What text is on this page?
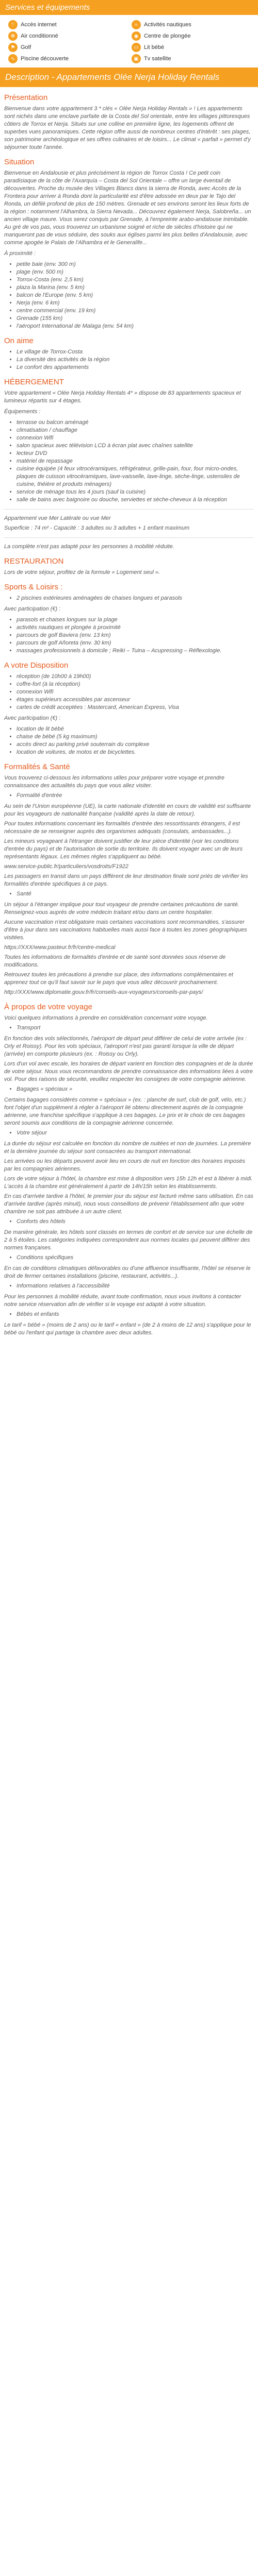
Services et équipements
⌔ Accès internet	≈	Activités nautiques
✻ Air conditionné	◉ Centre de plongée
⚑ Golf	▭ Lit bébé
∿ Piscine découverte	▣ Tv satellite
Description - Appartements Olée Nerja Holiday Rentals
Présentation

Bienvenue dans votre appartement 3 * clés « Olée Nerja Holiday Rentals » ! Les appartements sont nichés dans une enclave parfaite de la Costa del Sol orientale, entre les villages pittoresques côtiers de Torrox et Nerja. Situés sur une colline en première ligne, les logements offrent de superbes vues panoramiques. Cette région offre aussi de nombreux centres d'intérêt : ses plages, son patrimoine archéologique et ses offres culinaires et de loisirs... Le climat « parfait » permet d'y séjourner toute l'année.

Situation

Bienvenue en Andalousie et plus précisément la région de Torrox Costa ! Ce petit coin paradisiaque de la côte de l'Axarquía – Costa del Sol Orientale – offre un large éventail de découvertes. Proche du musée des Villages Blancs dans la sierra de Ronda, avec Accès de la Frontera pour arriver à Ronda dont la particularité est d'être adossée en deux par le Tajo del Ronda, un défilé profond de plus de 150 mètres. Grenade et ses environs seront les lieux forts de la région : notamment l'Alhambra, la Sierra Nevada... Découvrez également Nerja, Salobreña... un ancien village maure. Vous serez conquis par Grenade, à l'empreinte arabo-andalouse inimitable. Au gré de vos pas, vous trouverez un urbanisme soigné et riche de siècles d'histoire qui ne manqueront pas de vous séduire, des souks aux églises parmi les plus belles d'Andalousie, avec comme apogée le Palais de l'Alhambra et le Generalife...

À proximité :

• petite baie (env. 300 m)
• plage (env. 500 m)
• Torrox-Costa (env. 2,5 km)
• plaza la Marina (env. 5 km)
• balcon de l'Europe (env. 5 km)
• Nerja (env. 6 km)
• centre commercial (env. 19 km)
• Grenade (155 km)
• l'aéroport International de Malaga (env. 54 km)
On aime
• Le village de Torrox-Costa
• La diversité des activités de la région
• Le confort des appartements
HÉBERGEMENT

Votre appartement « Olée Nerja Holiday Rentals 4* » dispose de 83 appartements spacieux et lumineux répartis sur 4 étages.

Équipements :

• terrasse ou balcon aménagé
• climatisation / chauffage
• connexion Wifi
• salon spacieux avec télévision LCD à écran plat avec chaînes satellite
• lecteur DVD
• matériel de repassage
• cuisine équipée (4 feux vitrocéramiques, réfrigérateur, grille-pain, four, four micro-ondes, plaques de cuisson vitrocéramiques, lave-vaisselle, lave-linge, sèche-linge, ustensiles de cuisine, théière et produits ménagers)
• service de ménage tous les 4 jours (sauf la cuisine)
• salle de bains avec baignoire ou douche, serviettes et sèche-cheveux à la réception

Appartement vue Mer Latérale ou vue Mer

Superficie : 74 m² - Capacité : 3 adultes ou 3 adultes + 1 enfant maximum

La complète n'est pas adapté pour les personnes à mobilité réduite.

RESTAURATION

Lors de votre séjour, profitez de la formule « Logement seul ».

Sports & Loisirs :
• 2 piscines extérieures aménagées de chaises longues et parasols

Avec participation (€) :

• parasols et chaises longues sur la plage
• activités nautiques et plongée à proximité
• parcours de golf Baviera (env. 13 km)
• parcours de golf Añoreta (env. 30 km)
• massages professionnels à domicile ; Reiki – Tuina – Acupressing – Réflexologie.
A votre Disposition
• réception (de 10h00 à 19h00)
• coffre-fort (à la réception)
• connexion Wifi
• étages supérieurs accessibles par ascenseur
• cartes de crédit acceptées : Mastercard, American Express, Visa

Avec participation (€) :

• location de lit bébé
• chaise de bébé (5 kg maximum)
• accès direct au parking privé souterrain du complexe
• location de voitures, de motos et de bicyclettes.
Formalités & Santé

Vous trouverez ci-dessous les informations utiles pour préparer votre voyage et prendre connaissance des actualités du pays que vous allez visiter.

• Formalité d'entrée

Au sein de l'Union européenne (UE), la carte nationale d'identité en cours de validité est suffisante pour les voyageurs de nationalité française (validité après la date de retour).

Pour toutes informations concernant les formalités d'entrée des ressortissants étrangers, il est nécessaire de se renseigner auprès des organismes adéquats (consulats, ambassades...).

Les mineurs voyageant à l'étranger doivent justifier de leur pièce d'identité (voir les conditions d'entrée du pays) et de l'autorisation de sortie du territoire. Ils doivent voyager avec un de leurs représentants légaux. Les mêmes règles s'appliquent au bébé.

www.service-public.fr/particuliers/vosdroits/F1922

Les passagers en transit dans un pays différent de leur destination finale sont priés de vérifier les formalités d'entrée spécifiques à ce pays.

• Santé

Un séjour à l'étranger implique pour tout voyageur de prendre certaines précautions de santé. Renseignez-vous auprès de votre médecin traitant et/ou dans un centre hospitalier.

Aucune vaccination n'est obligatoire mais certaines vaccinations sont recommandées, s'assurer d'être à jour dans ses vaccinations habituelles mais aussi face à toutes les zones géographiques visitées.

https://XXX/www.pasteur.fr/fr/centre-medical

Toutes les informations de formalités d'entrée et de santé sont données sous réserve de modifications.

Retrouvez toutes les précautions à prendre sur place, des informations complémentaires et apprenez tout ce qu'il faut savoir sur le pays que vous allez découvrir prochainement.

http://XXX/www.diplomatie.gouv.fr/fr/conseils-aux-voyageurs/conseils-par-pays/

À propos de votre voyage

Voici quelques informations à prendre en considération concernant votre voyage.

• Transport

En fonction des vols sélectionnés, l'aéroport de départ peut différer de celui de votre arrivée (ex : Orly et Roissy). Pour les vols spéciaux, l'aéroport n'est pas garanti lorsque la ville de départ (arrivée) en comporte plusieurs (ex. : Roissy ou Orly).

Lors d'un vol avec escale, les horaires de départ varient en fonction des compagnies et de la durée de votre séjour. Nous vous recommandons de prendre connaissance des informations liées à votre vol. Pour des raisons de sécurité, veuillez respecter les consignes de votre compagnie aérienne.

• Bagages « spéciaux »

Certains bagages considérés comme « spéciaux » (ex. : planche de surf, club de golf, vélo, etc.) font l'objet d'un supplément à régler à l'aéroport lié obtenu directement auprès de la compagnie aérienne, une franchise spécifique s'applique à ces bagages. Le prix et le choix de ces bagages seront soumis aux conditions de la compagnie aérienne concernée.

• Votre séjour

La durée du séjour est calculée en fonction du nombre de nuitées et non de journées. La première et la dernière journée du séjour sont consacrées au transport international.

Les arrivées ou les départs peuvent avoir lieu en cours de nuit en fonction des horaires imposés par les compagnies aériennes.

Lors de votre séjour à l'hôtel, la chambre est mise à disposition vers 15h 12h et est à libérer à midi. L'accès à la chambre est généralement à partir de 14h/15h selon les établissements.

En cas d'arrivée tardive à l'hôtel, le premier jour du séjour est facturé même sans utilisation. En cas d'arrivée tardive (après minuit), nous vous conseillons de prévenir l'établissement afin que votre chambre ne soit pas attribuée à un autre client.

• Conforts des hôtels

De manière générale, les hôtels sont classés en termes de confort et de service sur une échelle de 2 à 5 étoiles. Les catégories indiquées correspondent aux normes locales qui peuvent différer des normes françaises.

• Conditions spécifiques

En cas de conditions climatiques défavorables ou d'une affluence insuffisante, l'hôtel se réserve le droit de fermer certaines installations (piscine, restaurant, activités...).

• Informations relatives à l'accessibilité

Pour les personnes à mobilité réduite, avant toute confirmation, nous vous invitons à contacter notre service réservation afin de vérifier si le voyage est adapté à votre situation.

• Bébés et enfants

Le tarif « bébé » (moins de 2 ans) ou le tarif « enfant » (de 2 à moins de 12 ans) s'applique pour le bébé ou l'enfant qui partage la chambre avec deux adultes.
